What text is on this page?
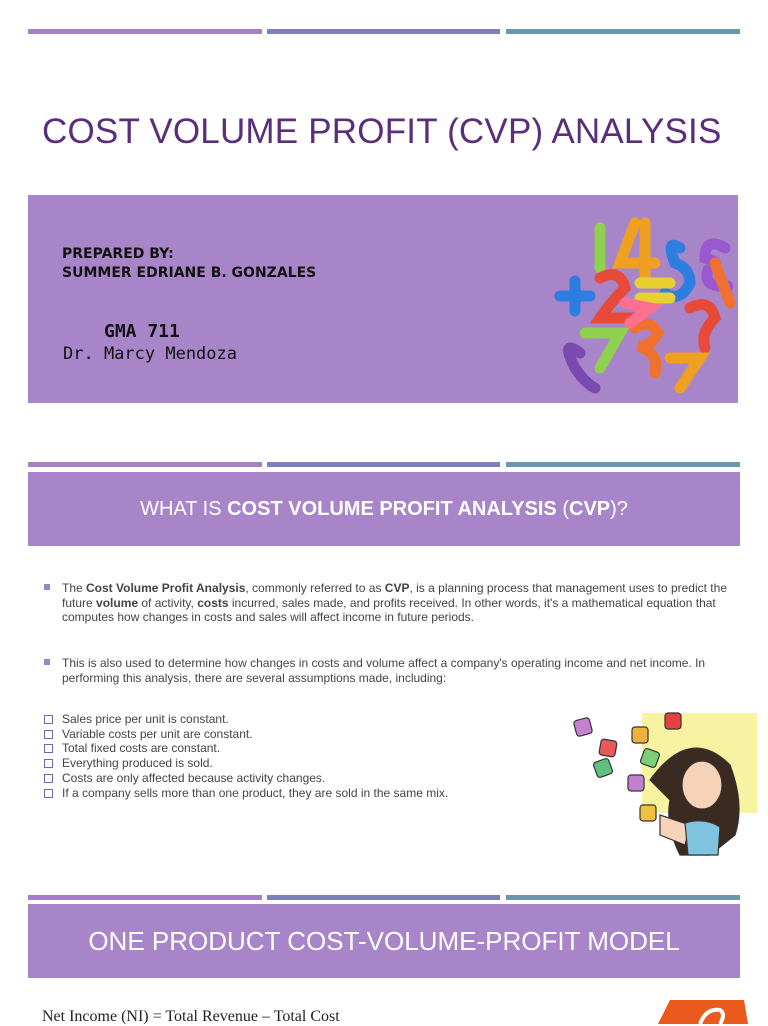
COST VOLUME PROFIT (CVP) ANALYSIS
PREPARED BY:
SUMMER EDRIANE B. GONZALES
GMA 711
Dr. Marcy Mendoza
WHAT IS
COST VOLUME PROFIT ANALYSIS
( CVP )?

The Cost Volume Profit Analysis, commonly referred to as CVP, is a planning process that management uses to predict the future volume of activity, costs incurred, sales made, and profits received. In other words, it's a mathematical equation that computes how changes in costs and sales will affect income in future periods.

This is also used to determine how changes in costs and volume affect a company's operating income and net income. In performing this analysis, there are several assumptions made, including:

Sales price per unit is constant.
Variable costs per unit are constant.
Total fixed costs are constant.
Everything produced is sold.
Costs are only affected because activity changes.
If a company sells more than one product, they are sold in the same mix.
ONE PRODUCT COST-VOLUME-PROFIT MODEL
Net Income (NI) = Total Revenue – Total Cost
